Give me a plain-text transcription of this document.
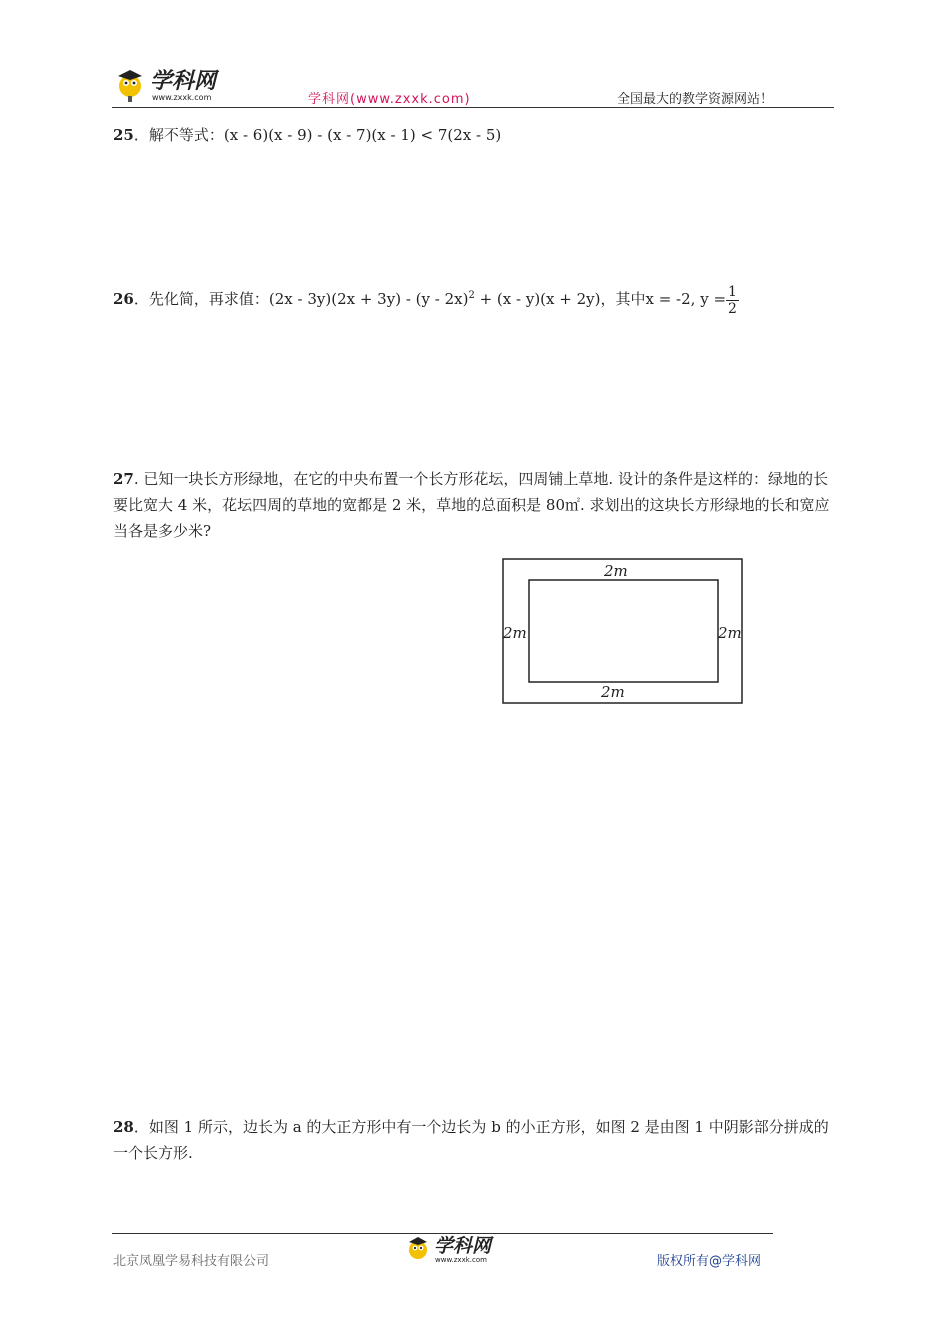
学科网
www.zxxk.com	学科网(www.zxxk.com)	全国最大的教学资源网站！
25．解不等式：(x - 6)(x - 9) - (x - 7)(x - 1) < 7(2x - 5)
26．先化简，再求值：(2x - 3y)(2x + 3y) - (y - 2x)$^2$ + (x - y)(x + 2y)，其中x = -2, $y = \frac{1}{2}$
27. 已知一块长方形绿地，在它的中央布置一个长方形花坛，四周铺上草地. 设计的条件是这样的：绿地的长要比宽大 4 米，花坛四周的草地的宽都是 2 米，草地的总面积是 80㎡. 求划出的这块长方形绿地的长和宽应当各是多少米?
2m
2m	2m
2m
28．如图 1 所示，边长为 a 的大正方形中有一个边长为 b 的小正方形，如图 2 是由图 1 中阴影部分拼成的一个长方形.
北京凤凰学易科技有限公司
学科网
www.zxxk.com	版权所有@学科网
